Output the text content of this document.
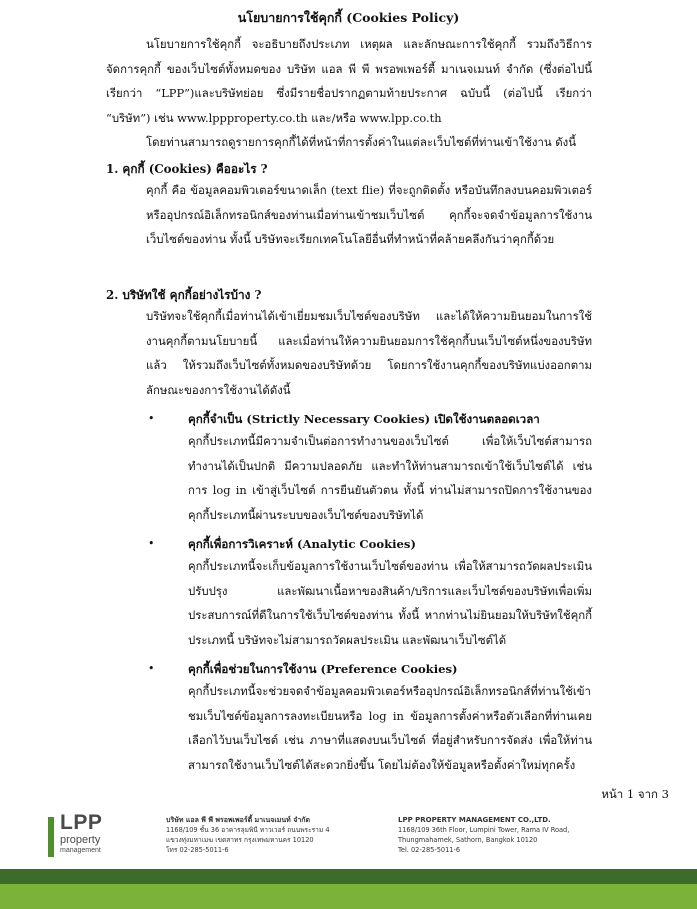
นโยบายการใช้คุกกี้ (Cookies Policy)
นโยบายการใช้คุกกี้ จะอธิบายถึงประเภท เหตุผล และลักษณะการใช้คุกกี้ รวมถึงวิธีการจัดการคุกกี้ ของเว็บไซต์ทั้งหมดของ บริษัท แอล พี พี พรอพเพอร์ตี้ มาเนจเมนท์ จำกัด (ซึ่งต่อไปนี้เรียกว่า “LPP”)และบริษัทย่อย ซึ่งมีรายชื่อปรากฏตามท้ายประกาศ ฉบับนี้ (ต่อไปนี้ เรียกว่า “บริษัท”) เช่น www.lppproperty.co.th และ/หรือ www.lpp.co.th
โดยท่านสามารถดูรายการคุกกี้ได้ที่หน้าที่การตั้งค่าในแต่ละเว็บไซต์ที่ท่านเข้าใช้งาน ดังนี้
1. คุกกี้ (Cookies) คืออะไร ?
คุกกี้ คือ ข้อมูลคอมพิวเตอร์ขนาดเล็ก (text flie) ที่จะถูกติดตั้ง หรือบันทึกลงบนคอมพิวเตอร์หรืออุปกรณ์อิเล็กทรอนิกส์ของท่านเมื่อท่านเข้าชมเว็บไซต์ คุกกี้จะจดจำข้อมูลการใช้งานเว็บไซต์ของท่าน ทั้งนี้ บริษัทจะเรียกเทคโนโลยีอื่นที่ทำหน้าที่คล้ายคลึงกันว่าคุกกี้ด้วย
2. บริษัทใช้ คุกกี้อย่างไรบ้าง ?
บริษัทจะใช้คุกกี้เมื่อท่านได้เข้าเยี่ยมชมเว็บไซต์ของบริษัท และได้ให้ความยินยอมในการใช้งานคุกกี้ตามนโยบายนี้ และเมื่อท่านให้ความยินยอมการใช้คุกกี้บนเว็บไซต์หนึ่งของบริษัท แล้ว ให้รวมถึงเว็บไซต์ทั้งหมดของบริษัทด้วย โดยการใช้งานคุกกี้ของบริษัทแบ่งออกตามลักษณะของการใช้งานได้ดังนี้
•	คุกกี้จำเป็น (Strictly Necessary Cookies) เปิดใช้งานตลอดเวลา
คุกกี้ประเภทนี้มีความจำเป็นต่อการทำงานของเว็บไซต์ เพื่อให้เว็บไซต์สามารถทำงานได้เป็นปกติ มีความปลอดภัย และทำให้ท่านสามารถเข้าใช้เว็บไซต์ได้ เช่นการ log in เข้าสู่เว็บไซต์ การยืนยันตัวตน ทั้งนี้ ท่านไม่สามารถปิดการใช้งานของคุกกี้ประเภทนี้ผ่านระบบของเว็บไซต์ของบริษัทได้
•	คุกกี้เพื่อการวิเคราะห์ (Analytic Cookies)
คุกกี้ประเภทนี้จะเก็บข้อมูลการใช้งานเว็บไซต์ของท่าน เพื่อให้สามารถวัดผลประเมิน ปรับปรุง และพัฒนาเนื้อหาของสินค้า/บริการและเว็บไซต์ของบริษัทเพื่อเพิ่มประสบการณ์ที่ดีในการใช้เว็บไซต์ของท่าน ทั้งนี้ หากท่านไม่ยินยอมให้บริษัทใช้คุกกี้ประเภทนี้ บริษัทจะไม่สามารถวัดผลประเมิน และพัฒนาเว็บไซต์ได้
•	คุกกี้เพื่อช่วยในการใช้งาน (Preference Cookies)
คุกกี้ประเภทนี้จะช่วยจดจำข้อมูลคอมพิวเตอร์หรืออุปกรณ์อิเล็กทรอนิกส์ที่ท่านใช้เข้าชมเว็บไซต์ข้อมูลการลงทะเบียนหรือ log in ข้อมูลการตั้งค่าหรือตัวเลือกที่ท่านเคยเลือกไว้บนเว็บไซต์ เช่น ภาษาที่แสดงบนเว็บไซต์ ที่อยู่สำหรับการจัดส่ง เพื่อให้ท่านสามารถใช้งานเว็บไซต์ได้สะดวกยิ่งขึ้น โดยไม่ต้องให้ข้อมูลหรือตั้งค่าใหม่ทุกครั้ง
หน้า 1 จาก 3
LPP
property
management
บริษัท แอล พี พี พรอพเพอร์ตี้ มาเนจเมนท์ จำกัด
1168/109 ชั้น 36 อาคารลุมพินี ทาวเวอร์ ถนนพระราม 4
แขวงทุ่งมหาเมฆ เขตสาทร กรุงเทพมหานคร 10120
โทร 02-285-5011-6
LPP PROPERTY MANAGEMENT CO.,LTD.
1168/109 36th Floor, Lumpini Tower, Rama IV Road,
Thungmahamek, Sathorn, Bangkok 10120
Tel. 02-285-5011-6
